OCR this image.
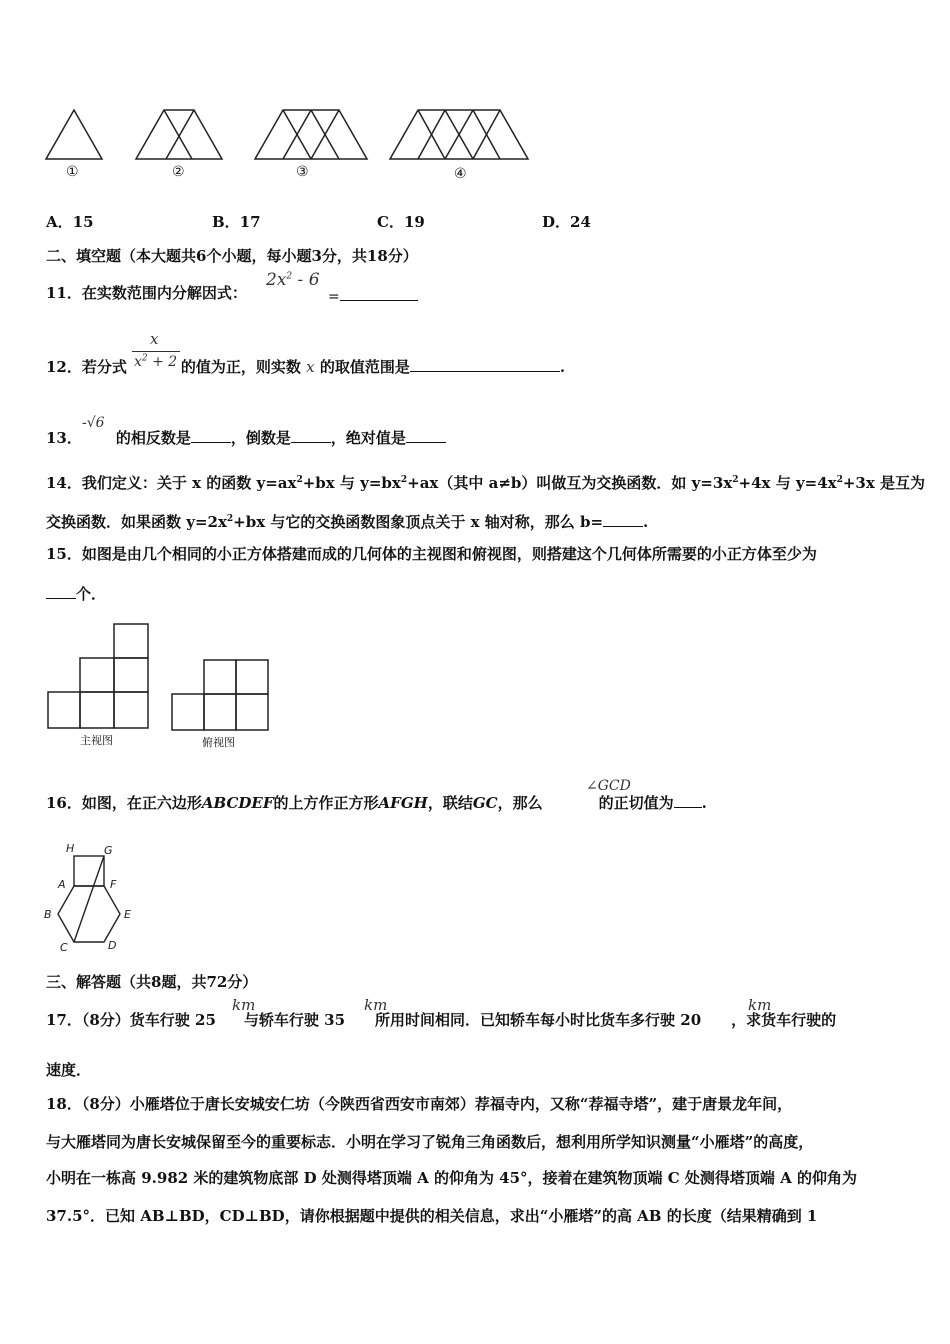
①	②	③	④
A．15	B．17	C．19	D．24
二、填空题（本大题共6个小题，每小题3分，共18分）
11．在实数范围内分解因式：
$2x^2 - 6$
=
x
$x^2 + 2$
12．若分式	的值为正，则实数 x 的取值范围是	.
-√6
13． 的相反数是	，倒数是	，绝对值是
14．我们定义：关于 x 的函数 $y=ax^2+bx$ 与 $y=bx^2+ax$（其中 a≠b）叫做互为交换函数．如 $y=3x^2+4x$ 与 $y=4x^2+3x$ 是互为
交换函数．如果函数 $y=2x^2+bx$ 与它的交换函数图象顶点关于 x 轴对称，那么 b=	.
15．如图是由几个相同的小正方体搭建而成的几何体的主视图和俯视图，则搭建这个几何体所需要的小正方体至少为
个．
主视图	俯视图
∠GCD
16．如图，在正六边形ABCDEF的上方作正方形AFGH，联结GC，那么	的正切值为 .
H	G
A	F
B	E
C	D
三、解答题（共8题，共72分）
km	km	km
17．（8分）货车行驶 25 与轿车行驶 35 所用时间相同．已知轿车每小时比货车多行驶 20 ，求货车行驶的
速度．
18．（8分）小雁塔位于唐长安城安仁坊（今陕西省西安市南郊）荐福寺内，又称“荐福寺塔”，建于唐景龙年间，
与大雁塔同为唐长安城保留至今的重要标志．小明在学习了锐角三角函数后，想利用所学知识测量“小雁塔”的高度，
小明在一栋高 9.982 米的建筑物底部 D 处测得塔顶端 A 的仰角为 45°，接着在建筑物顶端 C 处测得塔顶端 A 的仰角为
37.5°．已知 AB⊥BD，CD⊥BD，请你根据题中提供的相关信息，求出“小雁塔”的高 AB 的长度（结果精确到 1
